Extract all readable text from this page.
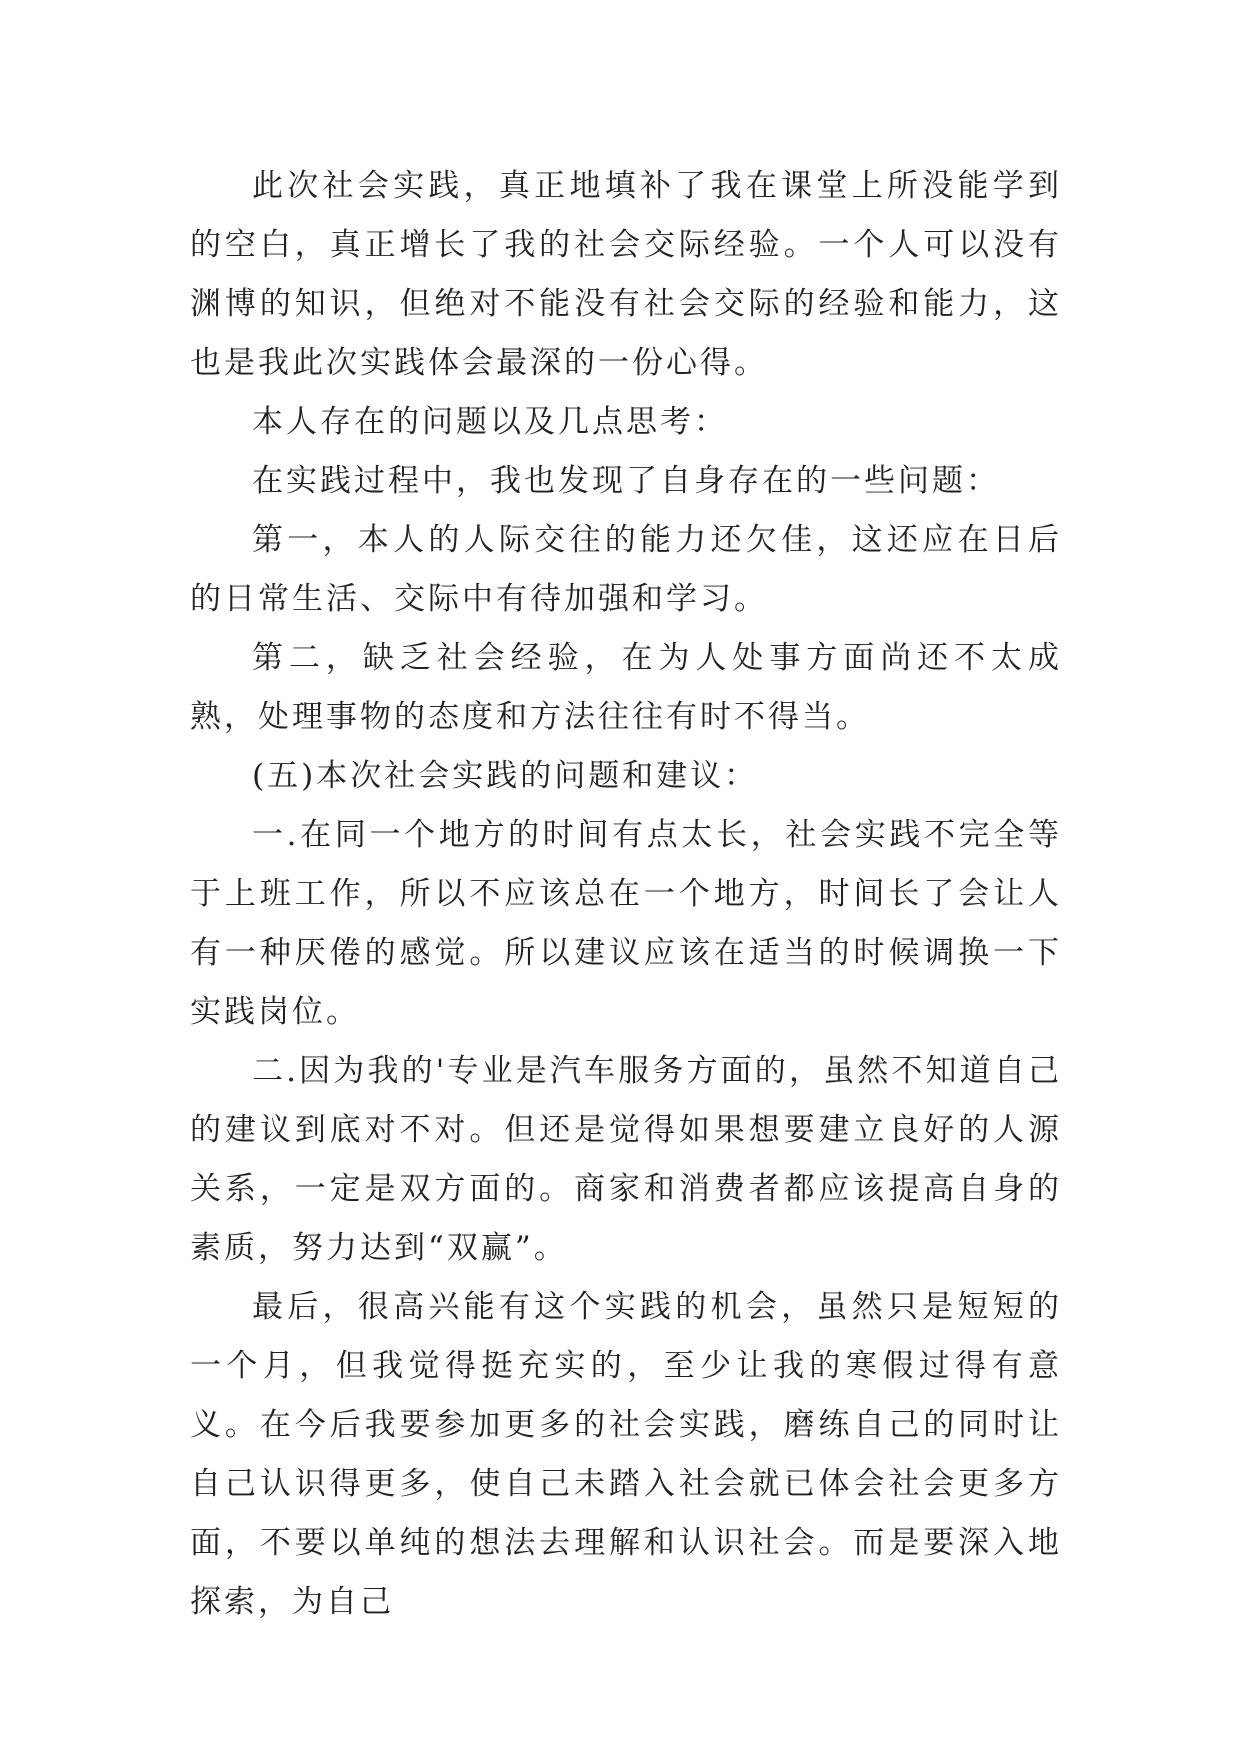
此次社会实践，真正地填补了我在课堂上所没能学到的空白，真正增长了我的社会交际经验。一个人可以没有渊博的知识，但绝对不能没有社会交际的经验和能力，这也是我此次实践体会最深的一份心得。

本人存在的问题以及几点思考：

在实践过程中，我也发现了自身存在的一些问题：

第一，本人的人际交往的能力还欠佳，这还应在日后的日常生活、交际中有待加强和学习。

第二，缺乏社会经验，在为人处事方面尚还不太成熟，处理事物的态度和方法往往有时不得当。

(五)本次社会实践的问题和建议：

一.在同一个地方的时间有点太长，社会实践不完全等于上班工作，所以不应该总在一个地方，时间长了会让人有一种厌倦的感觉。所以建议应该在适当的时候调换一下实践岗位。

二.因为我的'专业是汽车服务方面的，虽然不知道自己的建议到底对不对。但还是觉得如果想要建立良好的人源关系，一定是双方面的。商家和消费者都应该提高自身的素质，努力达到“双赢”。

最后，很高兴能有这个实践的机会，虽然只是短短的一个月，但我觉得挺充实的，至少让我的寒假过得有意义。在今后我要参加更多的社会实践，磨练自己的同时让自己认识得更多，使自己未踏入社会就已体会社会更多方面，不要以单纯的想法去理解和认识社会。而是要深入地探索，为自己
